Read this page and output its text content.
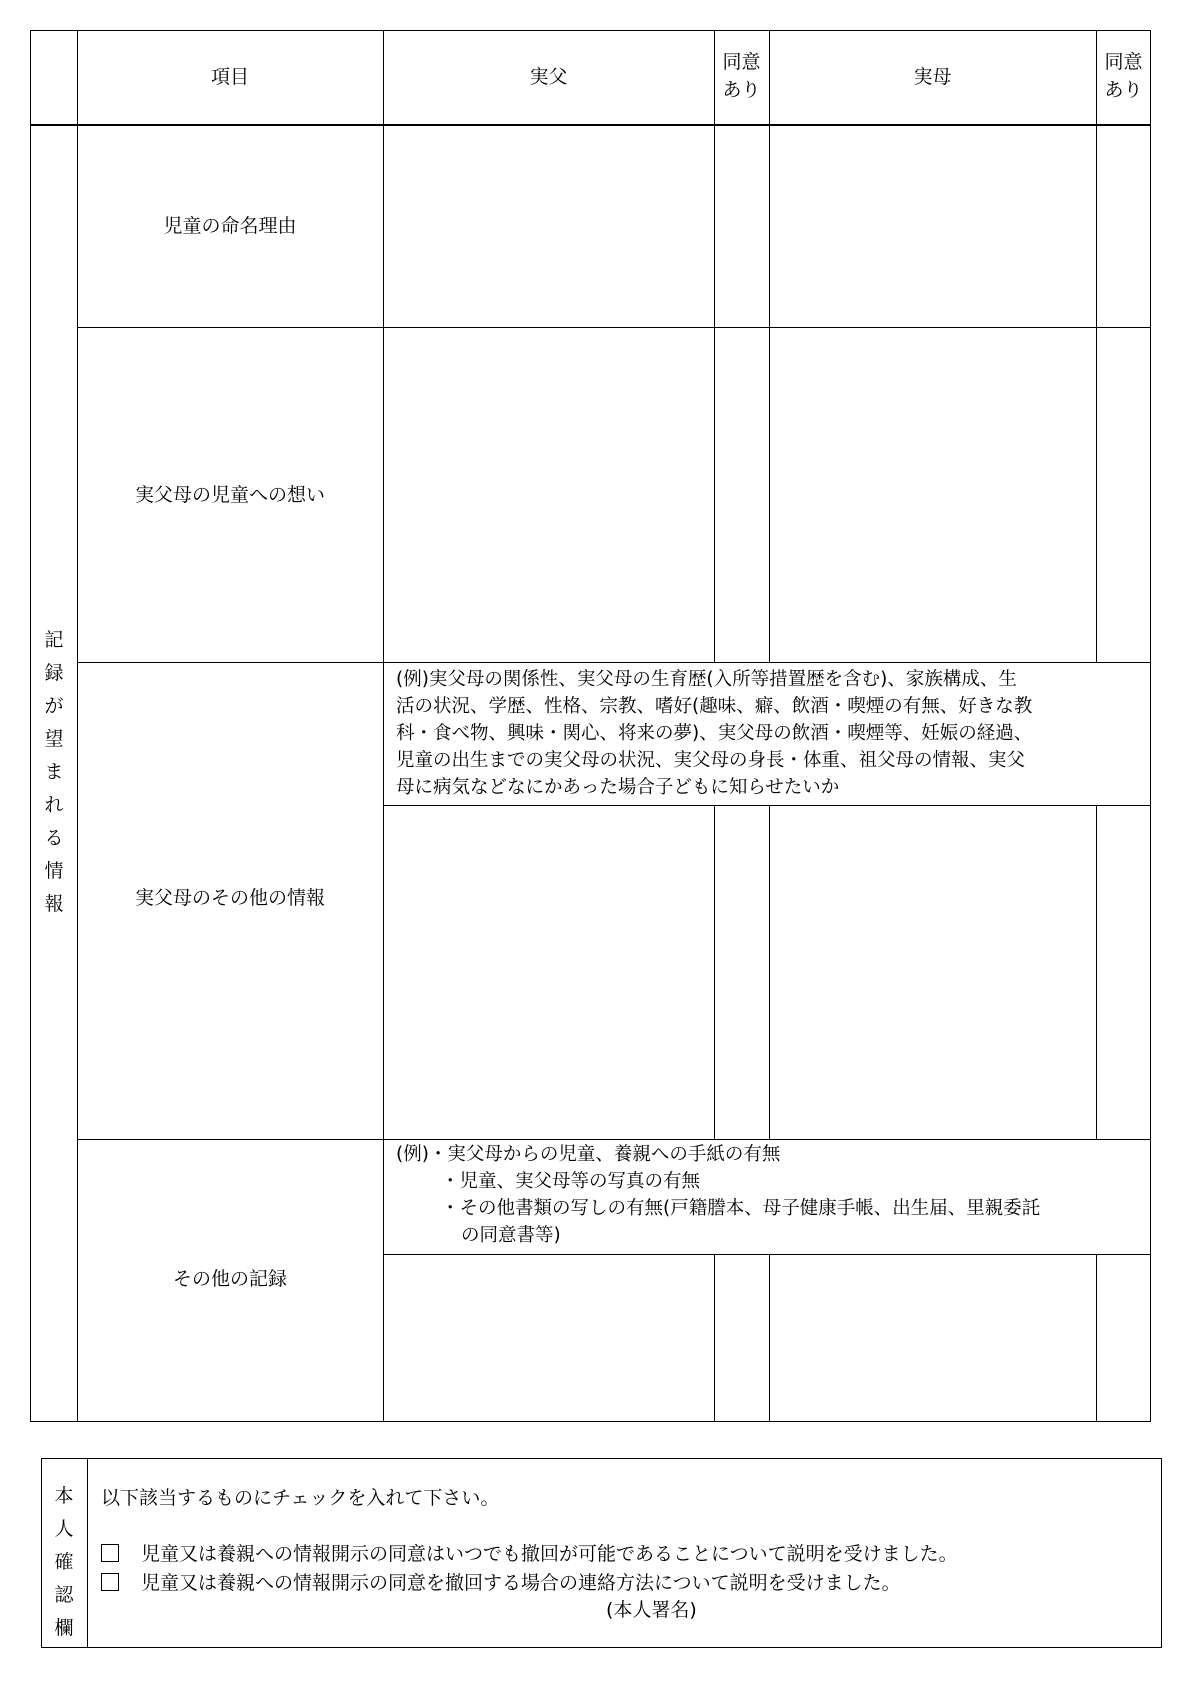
項目	実父
同意
あり
実母
同意
あり
記
録
が
望
ま
れ
る
情
報
児童の命名理由
実父母の児童への想い
実父母のその他の情報
その他の記録
(例)実父母の関係性、実父母の生育歴(入所等措置歴を含む)、家族構成、生
活の状況、学歴、性格、宗教、嗜好(趣味、癖、飲酒・喫煙の有無、好きな教
科・食べ物、興味・関心、将来の夢)、実父母の飲酒・喫煙等、妊娠の経過、
児童の出生までの実父母の状況、実父母の身長・体重、祖父母の情報、実父
母に病気などなにかあった場合子どもに知らせたいか
(例)・実父母からの児童、養親への手紙の有無
・児童、実父母等の写真の有無
・その他書類の写しの有無(戸籍謄本、母子健康手帳、出生届、里親委託
の同意書等)
本
人
確
認
欄
以下該当するものにチェックを入れて下さい。
児童又は養親への情報開示の同意はいつでも撤回が可能であることについて説明を受けました。
児童又は養親への情報開示の同意を撤回する場合の連絡方法について説明を受けました。
(本人署名)
